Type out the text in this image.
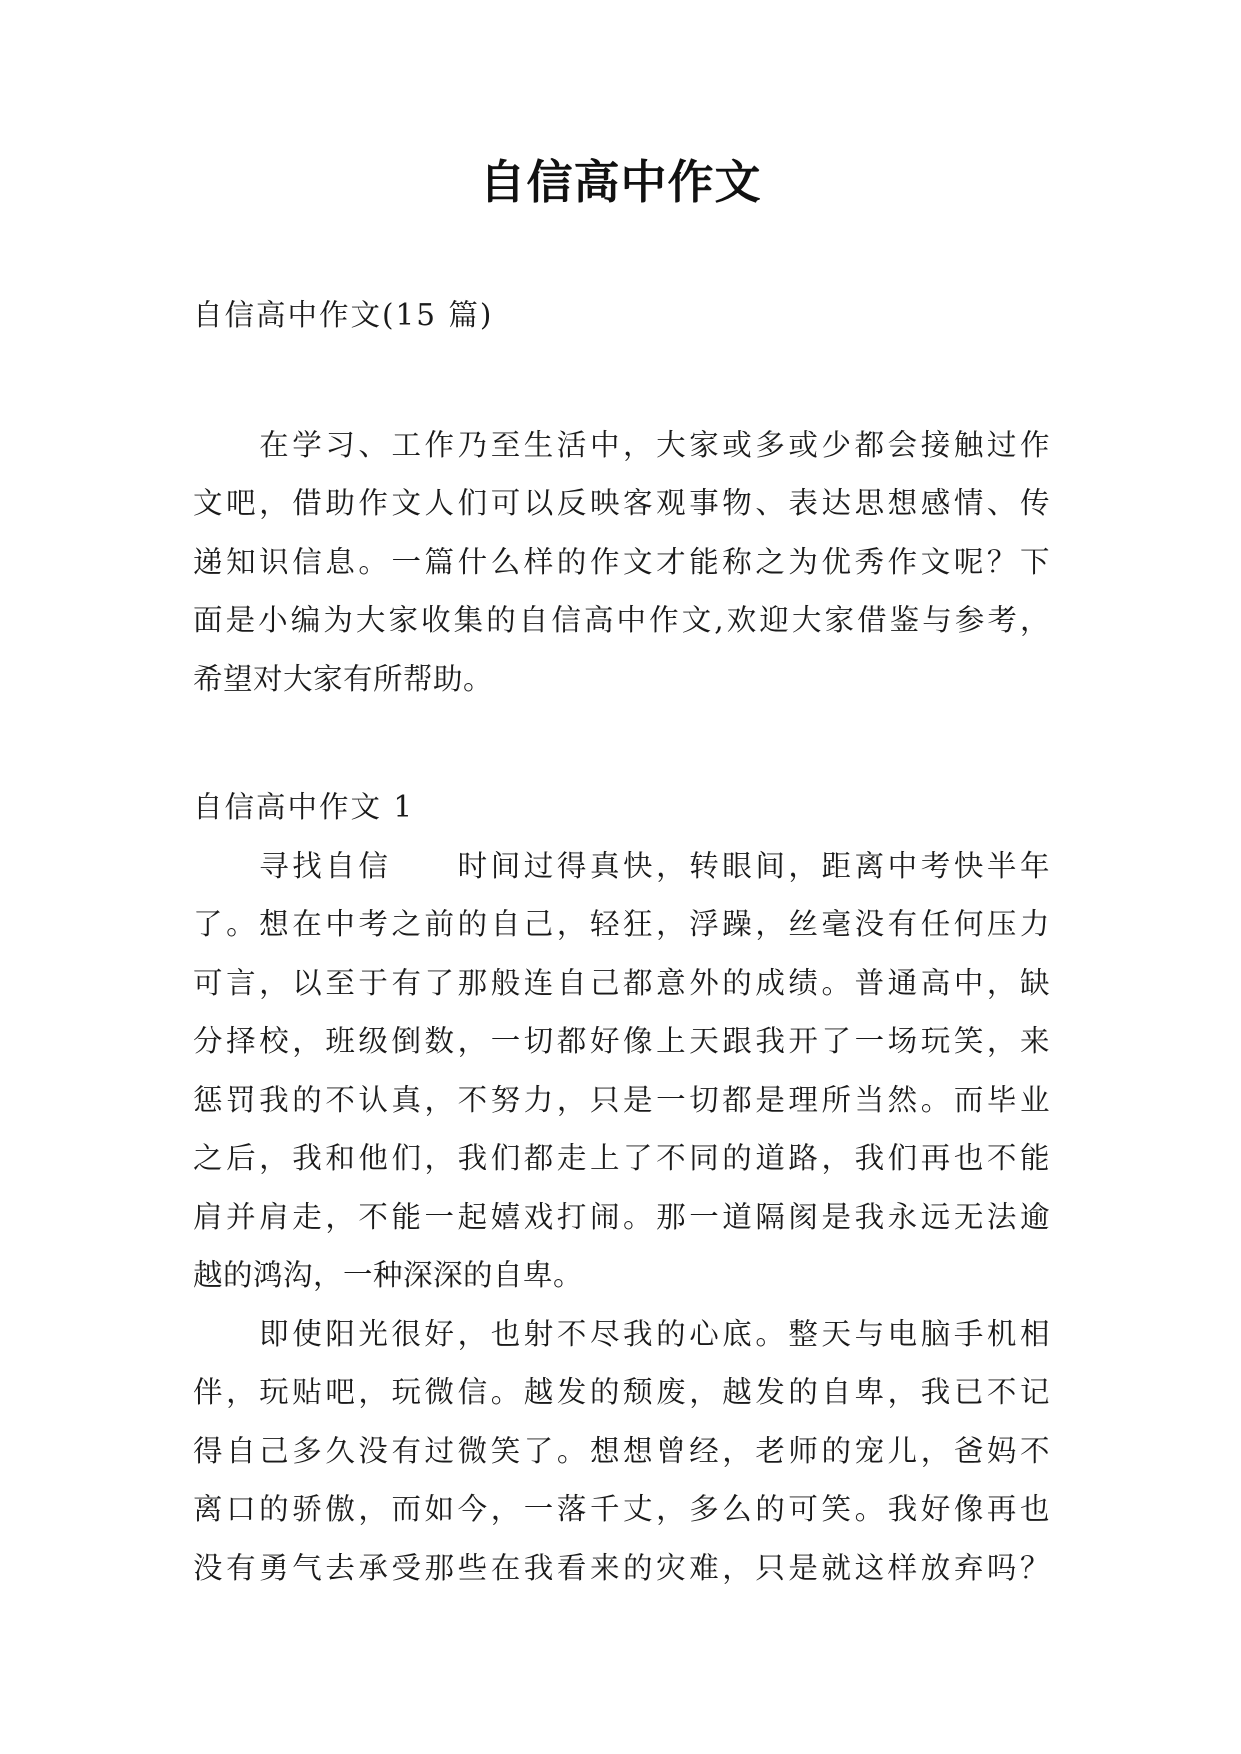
自信高中作文
自信高中作文(15 篇)
　　在学习、工作乃至生活中，大家或多或少都会接触过作
文吧，借助作文人们可以反映客观事物、表达思想感情、传
递知识信息。一篇什么样的作文才能称之为优秀作文呢？下
面是小编为大家收集的自信高中作文,欢迎大家借鉴与参考，
希望对大家有所帮助。
自信高中作文 1
　　寻找自信　　时间过得真快，转眼间，距离中考快半年
了。想在中考之前的自己，轻狂，浮躁，丝毫没有任何压力
可言，以至于有了那般连自己都意外的成绩。普通高中，缺
分择校，班级倒数，一切都好像上天跟我开了一场玩笑，来
惩罚我的不认真，不努力，只是一切都是理所当然。而毕业
之后，我和他们，我们都走上了不同的道路，我们再也不能
肩并肩走，不能一起嬉戏打闹。那一道隔阂是我永远无法逾
越的鸿沟，一种深深的自卑。
　　即使阳光很好，也射不尽我的心底。整天与电脑手机相
伴，玩贴吧，玩微信。越发的颓废，越发的自卑，我已不记
得自己多久没有过微笑了。想想曾经，老师的宠儿，爸妈不
离口的骄傲，而如今，一落千丈，多么的可笑。我好像再也
没有勇气去承受那些在我看来的灾难，只是就这样放弃吗？
